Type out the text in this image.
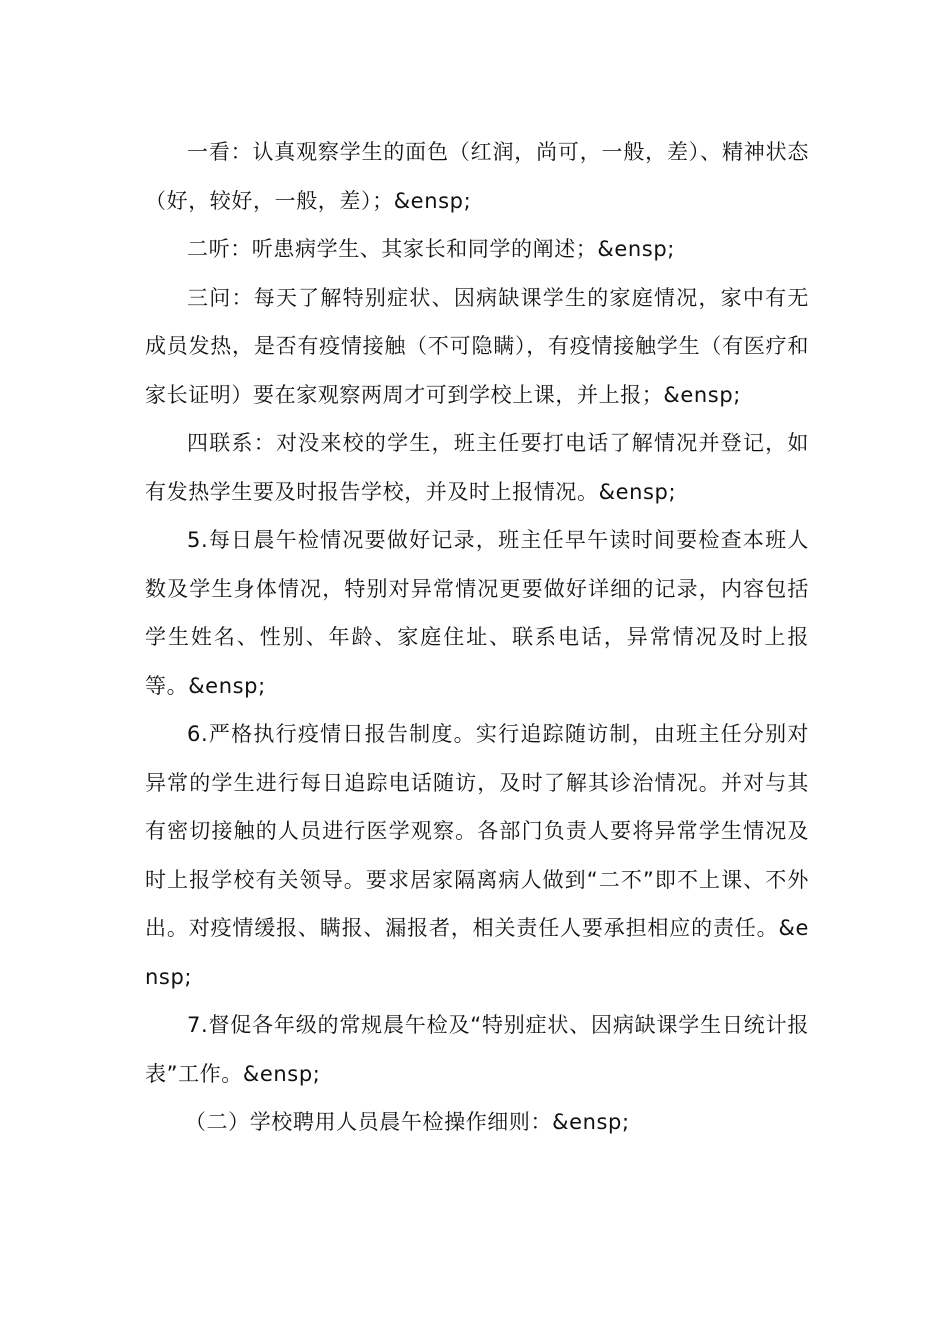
一看：认真观察学生的面色（红润，尚可，一般，差）、精神状态（好，较好，一般，差）；&ensp;

二听：听患病学生、其家长和同学的阐述；&ensp;

三问：每天了解特别症状、因病缺课学生的家庭情况，家中有无成员发热，是否有疫情接触（不可隐瞒），有疫情接触学生（有医疗和家长证明）要在家观察两周才可到学校上课，并上报；&ensp;

四联系：对没来校的学生，班主任要打电话了解情况并登记，如有发热学生要及时报告学校，并及时上报情况。&ensp;

5.每日晨午检情况要做好记录，班主任早午读时间要检查本班人数及学生身体情况，特别对异常情况更要做好详细的记录，内容包括学生姓名、性别、年龄、家庭住址、联系电话，异常情况及时上报等。&ensp;

6.严格执行疫情日报告制度。实行追踪随访制，由班主任分别对异常的学生进行每日追踪电话随访，及时了解其诊治情况。并对与其有密切接触的人员进行医学观察。各部门负责人要将异常学生情况及时上报学校有关领导。要求居家隔离病人做到“二不”即不上课、不外出。对疫情缓报、瞒报、漏报者，相关责任人要承担相应的责任。&ensp;

7.督促各年级的常规晨午检及“特别症状、因病缺课学生日统计报表”工作。&ensp;

（二）学校聘用人员晨午检操作细则：&ensp;
